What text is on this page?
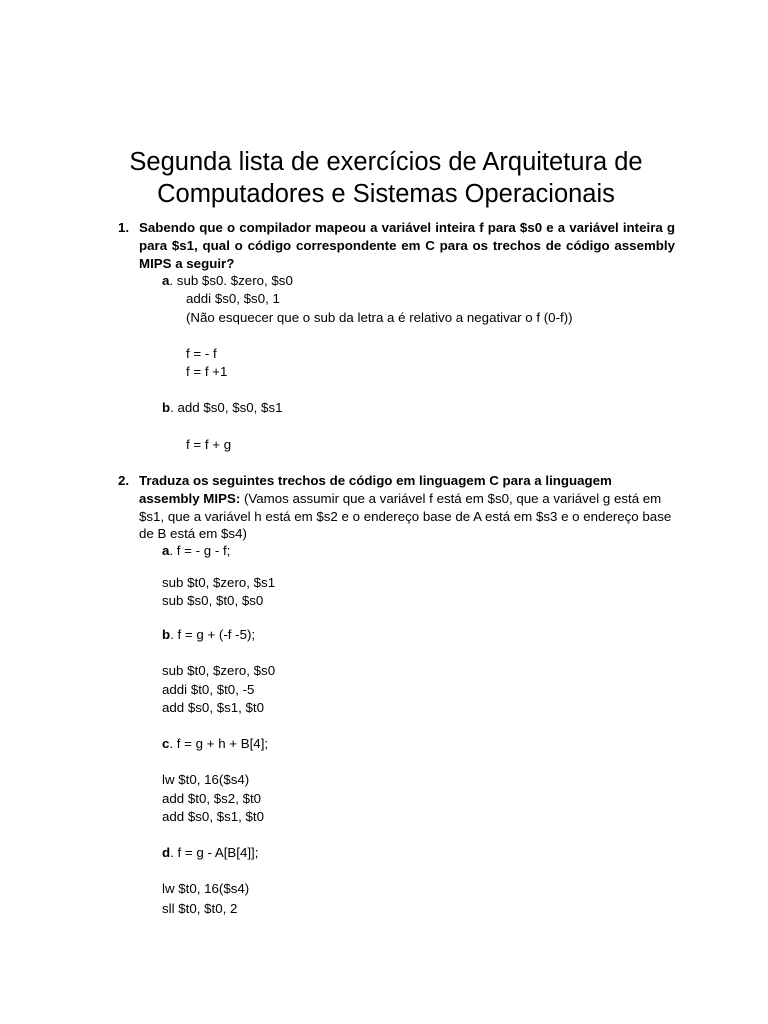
Segunda lista de exercícios de Arquitetura de
Computadores e Sistemas Operacionais
1. Sabendo que o compilador mapeou a variável inteira f para $s0 e a variável inteira g para $s1, qual o código correspondente em C para os trechos de código assembly MIPS a seguir?
a. sub $s0. $zero, $s0
addi $s0, $s0, 1
(Não esquecer que o sub da letra a é relativo a negativar o f (0-f))
f = - f
f = f +1
b. add $s0, $s0, $s1
f = f + g
2. Traduza os seguintes trechos de código em linguagem C para a linguagem assembly MIPS: (Vamos assumir que a variável f está em $s0, que a variável g está em $s1, que a variável h está em $s2 e o endereço base de A está em $s3 e o endereço base de B está em $s4)
a. f = - g - f;
sub $t0, $zero, $s1
sub $s0, $t0, $s0
b. f = g + (-f -5);
sub $t0, $zero, $s0
addi $t0, $t0, -5
add $s0, $s1, $t0
c. f = g + h + B[4];
lw $t0, 16($s4)
add $t0, $s2, $t0
add $s0, $s1, $t0
d. f = g - A[B[4]];
lw $t0, 16($s4)
sll $t0, $t0, 2
